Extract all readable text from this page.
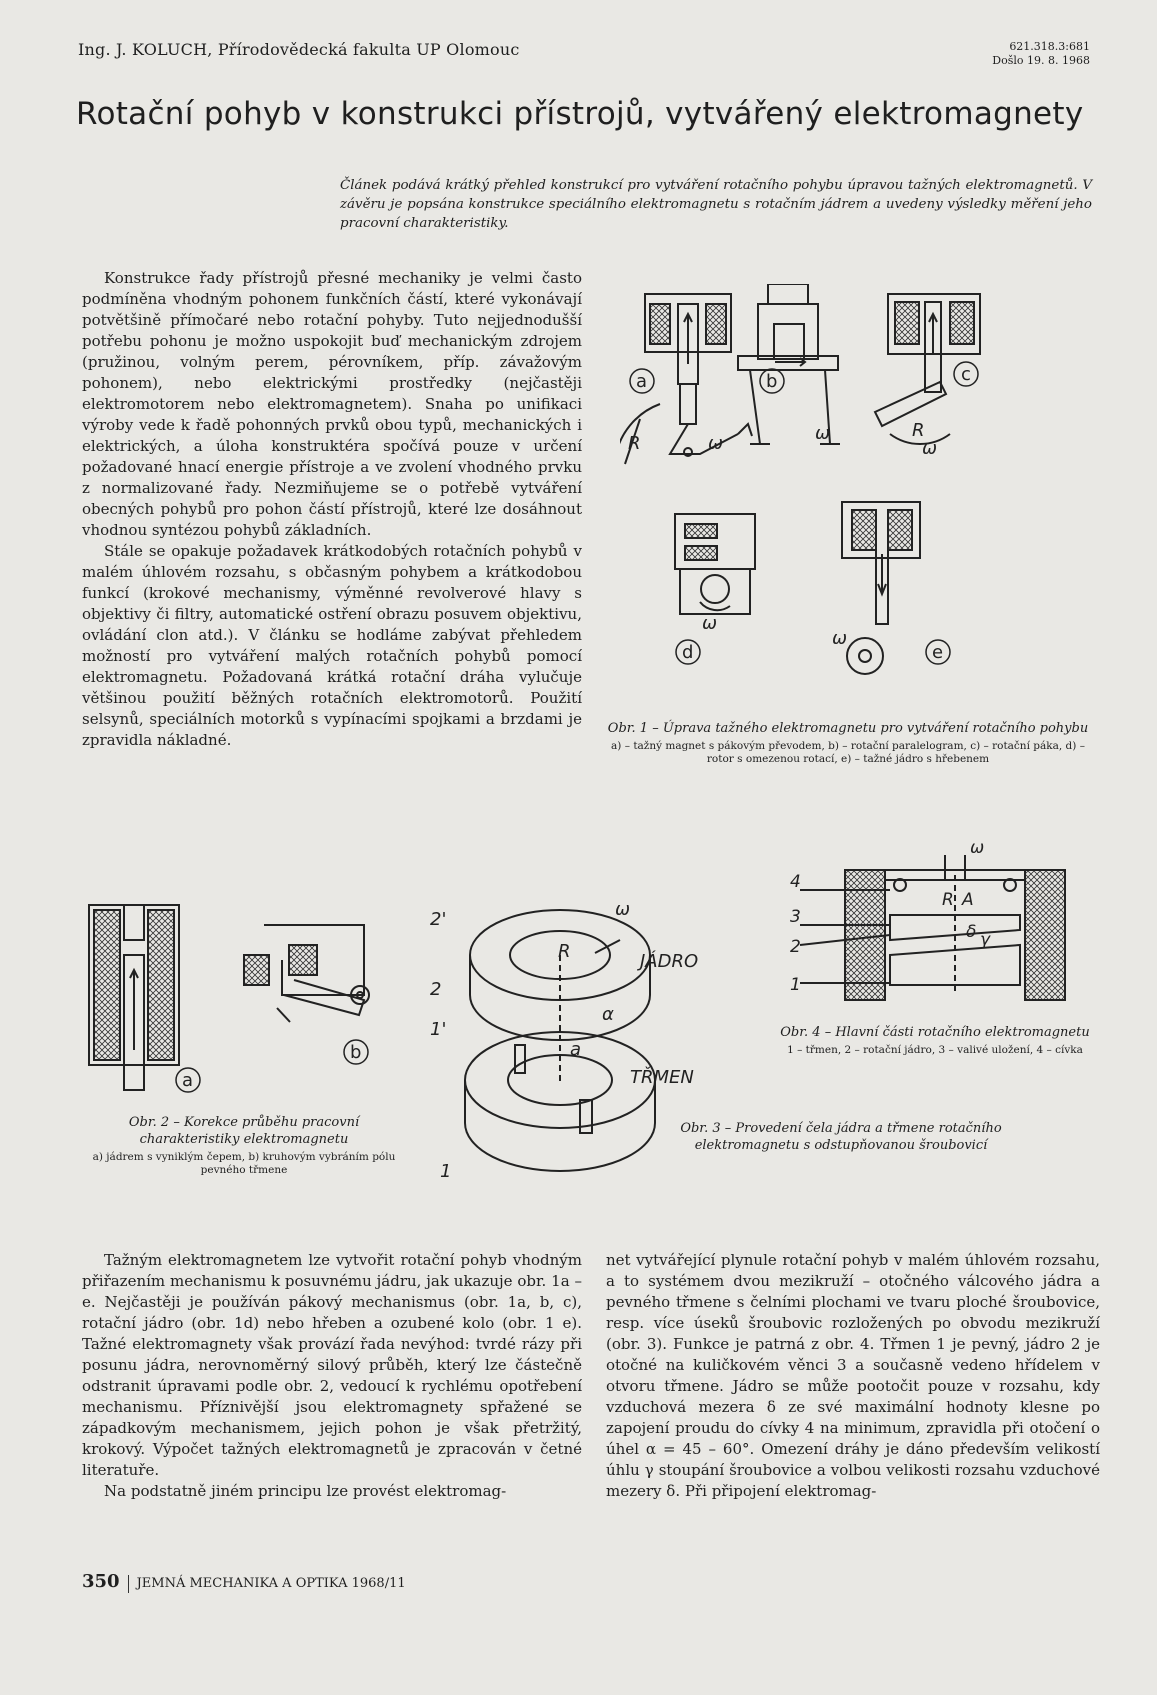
Ing. J. KOLUCH, Přírodovědecká fakulta UP Olomouc	621.318.3:681
Došlo 19. 8. 1968
Rotační pohyb v konstrukci přístrojů, vytvářený elektromagnety
Článek podává krátký přehled konstrukcí pro vytváření rotačního pohybu úpravou tažných elektromagnetů. V závěru je popsána konstrukce speciálního elektromagnetu s rotačním jádrem a uvedeny výsledky měření jeho pracovní charakteristiky.

Konstrukce řady přístrojů přesné mechaniky je velmi často podmíněna vhodným pohonem funkčních částí, které vykonávají potvětšině přímočaré nebo rotační pohyby. Tuto nejjednodušší potřebu pohonu je možno uspokojit buď mechanickým zdrojem (pružinou, volným perem, pérovníkem, příp. závažovým pohonem), nebo elektrickými prostředky (nejčastěji elektromotorem nebo elektromagnetem). Snaha po unifikaci výroby vede k řadě pohonných prvků obou typů, mechanických i elektrických, a úloha konstruktéra spočívá pouze v určení požadované hnací energie přístroje a ve zvolení vhodného prvku z normalizované řady. Nezmiňujeme se o potřebě vytváření obecných pohybů pro pohon částí přístrojů, které lze dosáhnout vhodnou syntézou pohybů základních.

Stále se opakuje požadavek krátkodobých rotačních pohybů v malém úhlovém rozsahu, s občasným pohybem a krátkodobou funkcí (krokové mechanismy, výměnné revolverové hlavy s objektivy či filtry, automatické ostření obrazu posuvem objektivu, ovládání clon atd.). V článku se hodláme zabývat přehledem možností pro vytváření malých rotačních pohybů pomocí elektromagnetu. Požadovaná krátká rotační dráha vylučuje většinou použití běžných rotačních elektromotorů. Použití selsynů, speciálních motorků s vypínacími spojkami a brzdami je zpravidla nákladné.

a	b	c
d	e
ω
R	ω	R
ω
ω
ω
Obr. 1 – Úprava tažného elektromagnetu pro vytváření rotačního pohybu
a) – tažný magnet s pákovým převodem, b) – rotační paralelogram, c) – rotační páka, d) – rotor s omezenou rotací, e) – tažné jádro s hřebenem
a
b
Obr. 2 – Korekce průběhu pracovní charakteristiky elektromagnetu
a) jádrem s vyniklým čepem, b) kruhovým vybráním pólu pevného třmene
2'
2
1'
1
JÁDRO
TŘMEN
ω
R
a
α
Obr. 3 – Provedení čela jádra a třmene rotačního elektromagnetu s odstupňovanou šroubovicí
4
3
2
1
ω
R A
δ γ
Obr. 4 – Hlavní části rotačního elektromagnetu
1 – třmen, 2 – rotační jádro, 3 – valivé uložení, 4 – cívka

Tažným elektromagnetem lze vytvořit rotační pohyb vhodným přiřazením mechanismu k posuvnému jádru, jak ukazuje obr. 1a – e. Nejčastěji je používán pákový mechanismus (obr. 1a, b, c), rotační jádro (obr. 1d) nebo hřeben a ozubené kolo (obr. 1 e). Tažné elektromagnety však provází řada nevýhod: tvrdé rázy při posunu jádra, nerovnoměrný silový průběh, který lze částečně odstranit úpravami podle obr. 2, vedoucí k rychlému opotřebení mechanismu. Příznivější jsou elektromagnety spřažené se západkovým mechanismem, jejich pohon je však přetržitý, krokový. Výpočet tažných elektromagnetů je zpracován v četné literatuře.

Na podstatně jiném principu lze provést elektromag-

net vytvářející plynule rotační pohyb v malém úhlovém rozsahu, a to systémem dvou mezikruží – otočného válcového jádra a pevného třmene s čelními plochami ve tvaru ploché šroubovice, resp. více úseků šroubovic rozložených po obvodu mezikruží (obr. 3). Funkce je patrná z obr. 4. Třmen 1 je pevný, jádro 2 je otočné na kuličkovém věnci 3 a současně vedeno hřídelem v otvoru třmene. Jádro se může pootočit pouze v rozsahu, kdy vzduchová mezera δ ze své maximální hodnoty klesne po zapojení proudu do cívky 4 na minimum, zpravidla při otočení o úhel α = 45 – 60°. Omezení dráhy je dáno především velikostí úhlu γ stoupání šroubovice a volbou velikosti rozsahu vzduchové mezery δ. Při připojení elektromag-

350 JEMNÁ MECHANIKA A OPTIKA 1968/11
